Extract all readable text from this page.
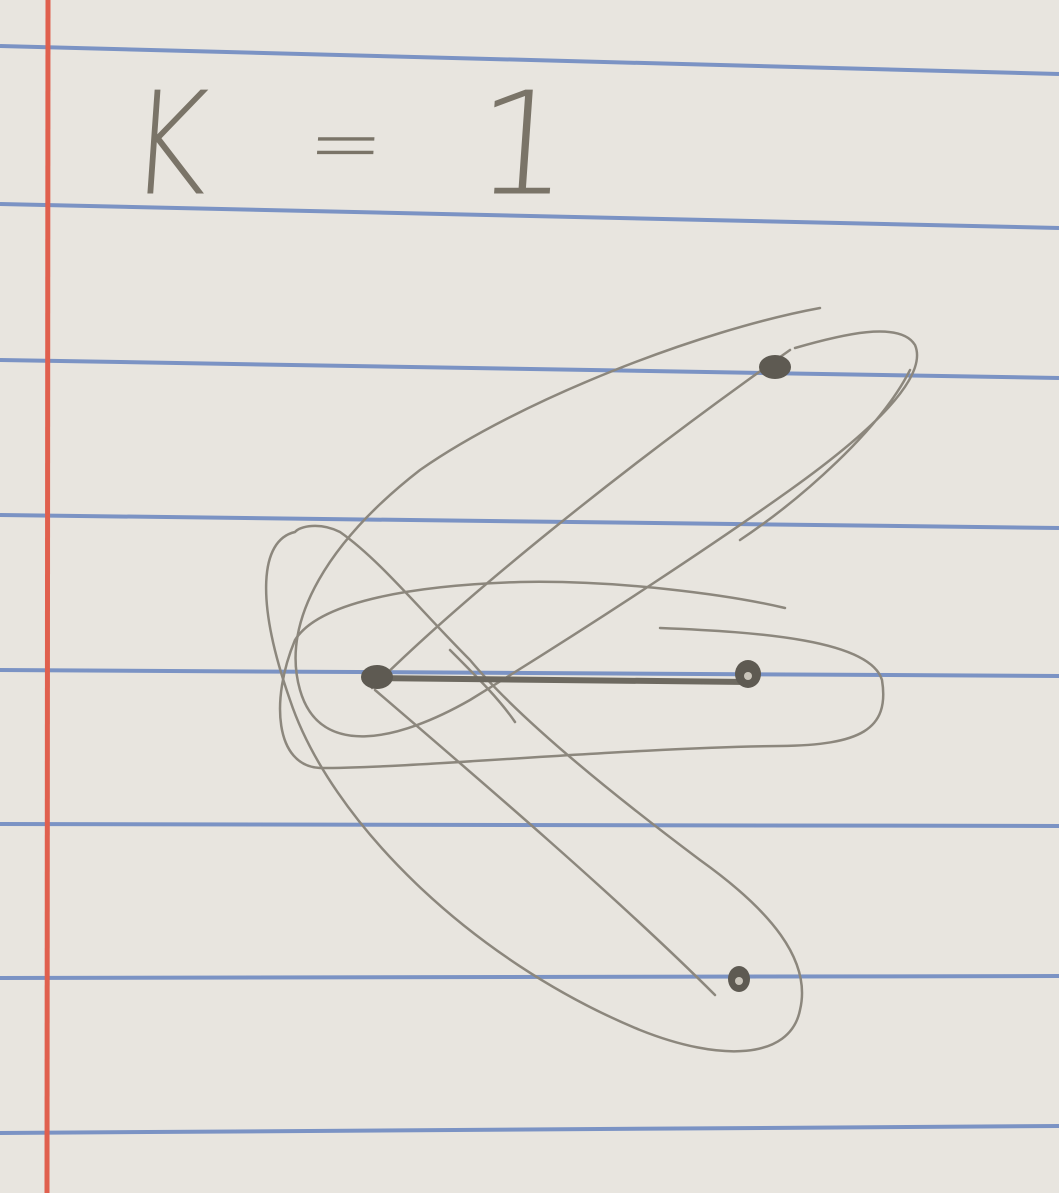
K = 1
